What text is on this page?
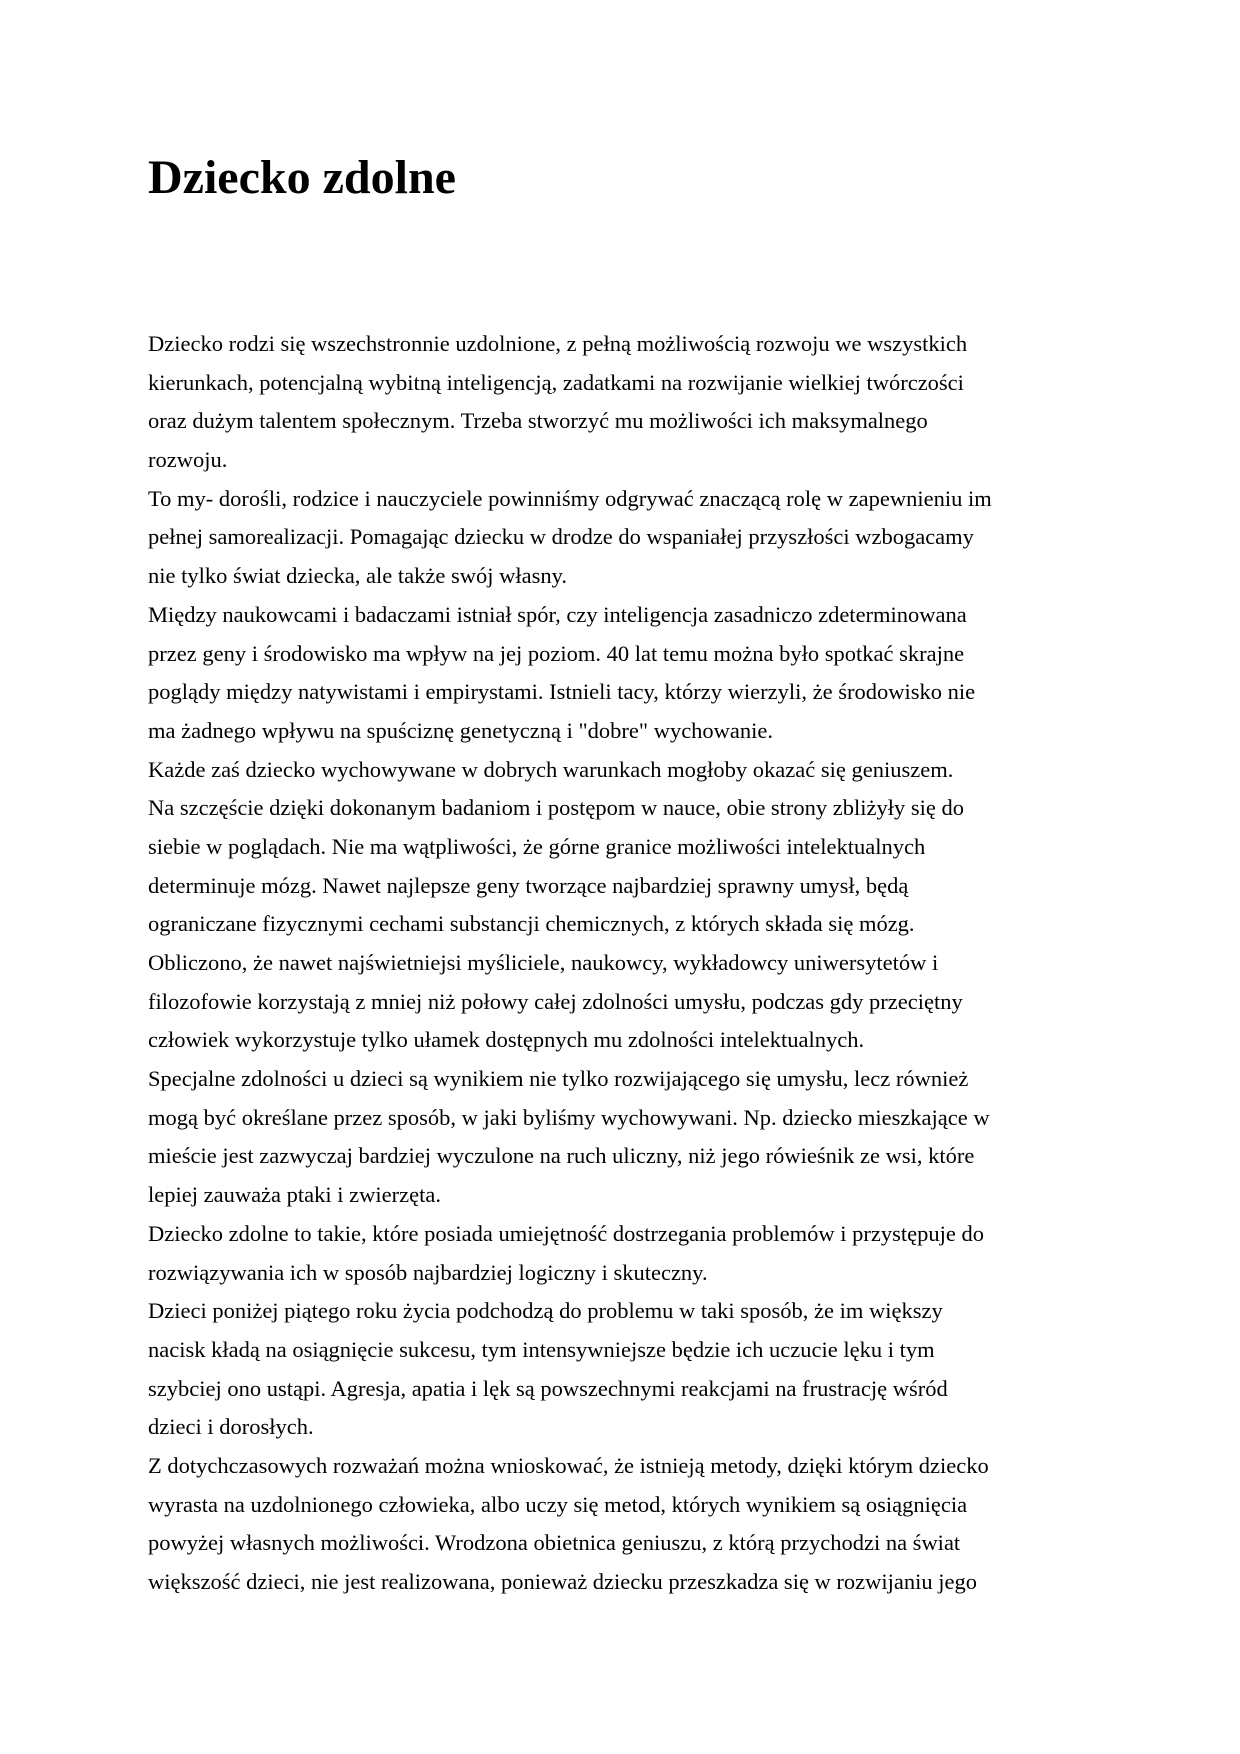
Dziecko zdolne
Dziecko rodzi się wszechstronnie uzdolnione, z pełną możliwością rozwoju we wszystkich
kierunkach, potencjalną wybitną inteligencją, zadatkami na rozwijanie wielkiej twórczości
oraz dużym talentem społecznym. Trzeba stworzyć mu możliwości ich maksymalnego
rozwoju.
To my- dorośli, rodzice i nauczyciele powinniśmy odgrywać znaczącą rolę w zapewnieniu im
pełnej samorealizacji. Pomagając dziecku w drodze do wspaniałej przyszłości wzbogacamy
nie tylko świat dziecka, ale także swój własny.
Między naukowcami i badaczami istniał spór, czy inteligencja zasadniczo zdeterminowana
przez geny i środowisko ma wpływ na jej poziom. 40 lat temu można było spotkać skrajne
poglądy między natywistami i empirystami. Istnieli tacy, którzy wierzyli, że środowisko nie
ma żadnego wpływu na spuściznę genetyczną i "dobre" wychowanie.
Każde zaś dziecko wychowywane w dobrych warunkach mogłoby okazać się geniuszem.
Na szczęście dzięki dokonanym badaniom i postępom w nauce, obie strony zbliżyły się do
siebie w poglądach. Nie ma wątpliwości, że górne granice możliwości intelektualnych
determinuje mózg. Nawet najlepsze geny tworzące najbardziej sprawny umysł, będą
ograniczane fizycznymi cechami substancji chemicznych, z których składa się mózg.
Obliczono, że nawet najświetniejsi myśliciele, naukowcy, wykładowcy uniwersytetów i
filozofowie korzystają z mniej niż połowy całej zdolności umysłu, podczas gdy przeciętny
człowiek wykorzystuje tylko ułamek dostępnych mu zdolności intelektualnych.
Specjalne zdolności u dzieci są wynikiem nie tylko rozwijającego się umysłu, lecz również
mogą być określane przez sposób, w jaki byliśmy wychowywani. Np. dziecko mieszkające w
mieście jest zazwyczaj bardziej wyczulone na ruch uliczny, niż jego rówieśnik ze wsi, które
lepiej zauważa ptaki i zwierzęta.
Dziecko zdolne to takie, które posiada umiejętność dostrzegania problemów i przystępuje do
rozwiązywania ich w sposób najbardziej logiczny i skuteczny.
Dzieci poniżej piątego roku życia podchodzą do problemu w taki sposób, że im większy
nacisk kładą na osiągnięcie sukcesu, tym intensywniejsze będzie ich uczucie lęku i tym
szybciej ono ustąpi. Agresja, apatia i lęk są powszechnymi reakcjami na frustrację wśród
dzieci i dorosłych.
Z dotychczasowych rozważań można wnioskować, że istnieją metody, dzięki którym dziecko
wyrasta na uzdolnionego człowieka, albo uczy się metod, których wynikiem są osiągnięcia
powyżej własnych możliwości. Wrodzona obietnica geniuszu, z którą przychodzi na świat
większość dzieci, nie jest realizowana, ponieważ dziecku przeszkadza się w rozwijaniu jego
